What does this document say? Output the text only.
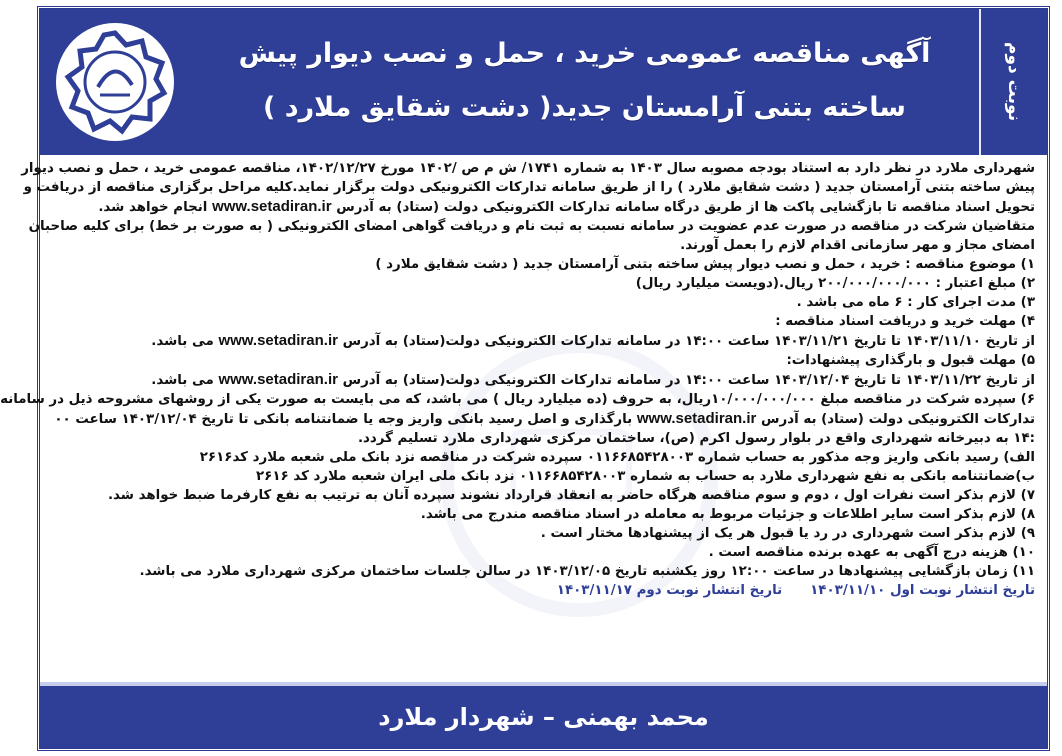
آگهی مناقصه عمومی خرید ، حمل و نصب دیوار پیش
ساخته بتنی آرامستان جدید( دشت شقایق ملارد )	نوبت دوم

شهرداری ملارد در نظر دارد به استناد بودجه مصوبه سال ۱۴۰۳ به شماره ۱۷۴۱/ ش م ص /۱۴۰۲ مورخ ۱۴۰۲/۱۲/۲۷، مناقصه عمومی خرید ، حمل و نصب دیوار

پیش ساخته بتنی آرامستان جدید ( دشت شقایق ملارد ) را از طریق سامانه تدارکات الکترونیکی دولت برگزار نماید.کلیه مراحل برگزاری مناقصه از دریافت و

تحویل اسناد مناقصه تا بازگشایی پاکت ها از طریق درگاه سامانه تدارکات الکترونیکی دولت (ستاد) به آدرس www.setadiran.ir انجام خواهد شد.

متقاضیان شرکت در مناقصه در صورت عدم عضویت در سامانه نسبت به ثبت نام و دریافت گواهی امضای الکترونیکی ( به صورت بر خط) برای کلیه صاحبان

امضای مجاز و مهر سازمانی اقدام لازم را بعمل آورند.

۱) موضوع مناقصه : خرید ، حمل و نصب دیوار پیش ساخته بتنی آرامستان جدید ( دشت شقایق ملارد )

۲) مبلغ اعتبار : ۲۰۰/۰۰۰/۰۰۰/۰۰۰ ریال.(دویست میلیارد ریال)

۳) مدت اجرای کار : ۶ ماه می باشد .

۴) مهلت خرید و دریافت اسناد مناقصه :

از تاریخ ۱۴۰۳/۱۱/۱۰ تا تاریخ ۱۴۰۳/۱۱/۲۱ ساعت ۱۴:۰۰ در سامانه تدارکات الکترونیکی دولت(ستاد) به آدرس www.setadiran.ir می باشد.

۵) مهلت قبول و بارگذاری پیشنهادات:

از تاریخ ۱۴۰۳/۱۱/۲۲ تا تاریخ ۱۴۰۳/۱۲/۰۴ ساعت ۱۴:۰۰ در سامانه تدارکات الکترونیکی دولت(ستاد) به آدرس www.setadiran.ir می باشد.

۶) سپرده شرکت در مناقصه مبلغ ۱۰/۰۰۰/۰۰۰/۰۰۰ریال، به حروف (ده میلیارد ریال ) می باشد، که می بایست به صورت یکی از روشهای مشروحه ذیل در سامانه

تدارکات الکترونیکی دولت (ستاد) به آدرس www.setadiran.ir بارگذاری و اصل رسید بانکی واریز وجه یا ضمانتنامه بانکی تا تاریخ ۱۴۰۳/۱۲/۰۴ ساعت ۰۰

:۱۴ به دبیرخانه شهرداری واقع در بلوار رسول اکرم (ص)، ساختمان مرکزی شهرداری ملارد تسلیم گردد.

الف) رسید بانکی واریز وجه مذکور به حساب شماره ۰۱۱۶۶۸۵۴۲۸۰۰۳ سپرده شرکت در مناقصه نزد بانک ملی شعبه ملارد کد۲۶۱۶

ب)ضمانتنامه بانکی به نفع شهرداری ملارد به حساب به شماره ۰۱۱۶۶۸۵۴۲۸۰۰۳ نزد بانک ملی ایران شعبه ملارد کد ۲۶۱۶

۷) لازم بذکر است نفرات اول ، دوم و سوم مناقصه هرگاه حاضر به انعقاد قرارداد نشوند سپرده آنان به ترتیب به نفع کارفرما ضبط خواهد شد.

۸) لازم بذکر است سایر اطلاعات و جزئیات مربوط به معامله در اسناد مناقصه مندرج می باشد.

۹) لازم بذکر است شهرداری در رد یا قبول هر یک از پیشنهادها مختار است .

۱۰) هزینه درج آگهی به عهده برنده مناقصه است .

۱۱) زمان بازگشایی پیشنهادها در ساعت ۱۲:۰۰ روز یکشنبه تاریخ ۱۴۰۳/۱۲/۰۵ در سالن جلسات ساختمان مرکزی شهرداری ملارد می باشد.

تاریخ انتشار نوبت اول ۱۴۰۳/۱۱/۱۰      تاریخ انتشار نوبت دوم ۱۴۰۳/۱۱/۱۷

محمد بهمنی – شهردار ملارد
